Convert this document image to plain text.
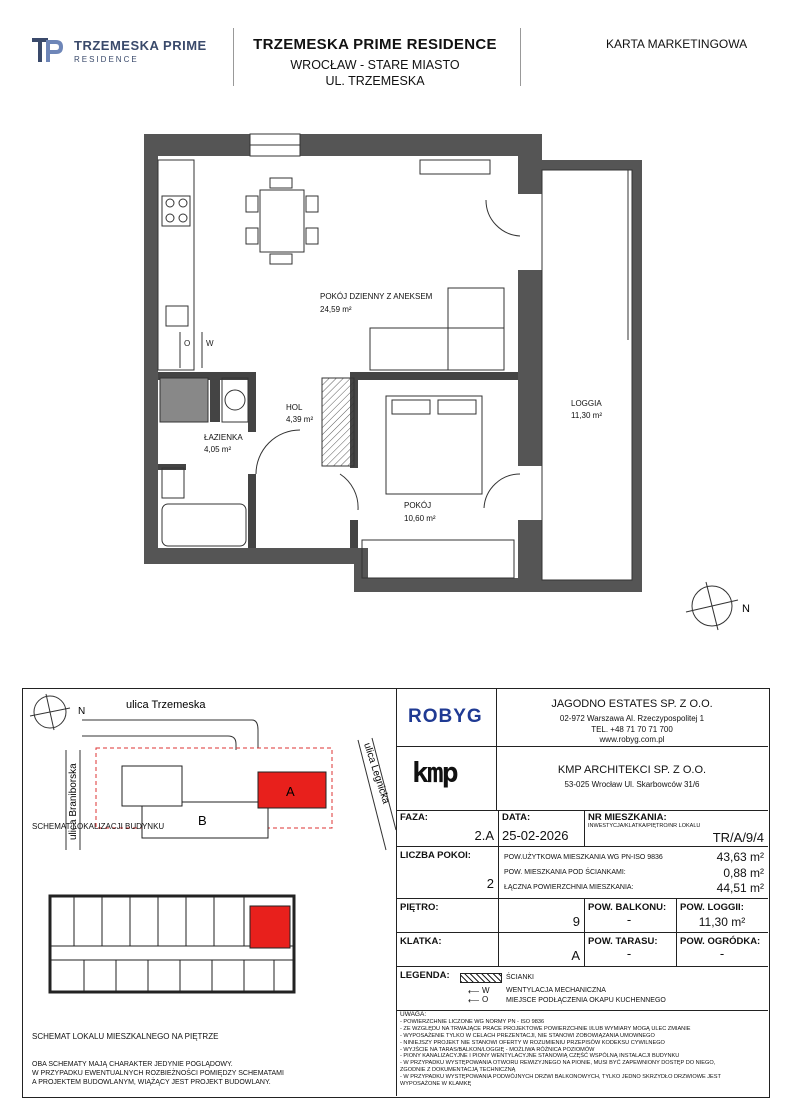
TRZEMESKA PRIME
RESIDENCE
TRZEMESKA PRIME RESIDENCE
WROCŁAW - STARE MIASTO
UL. TRZEMESKA
KARTA MARKETINGOWA
O W
POKÓJ DZIENNY Z ANEKSEM
24,59 m²
HOL
4,39 m²
ŁAZIENKA
4,05 m²
POKÓJ
10,60 m²
LOGGIA
11,30 m²
N
N
ulica Trzemeska
ulica Braniborska	ulica Legnicka
B
A
SCHEMAT LOKALIZACJI BUDYNKU
SCHEMAT LOKALU MIESZKALNEGO NA PIĘTRZE
OBA SCHEMATY MAJĄ CHARAKTER JEDYNIE POGLĄDOWY.
W PRZYPADKU EWENTUALNYCH ROZBIEŻNOŚCI POMIĘDZY SCHEMATAMI
A PROJEKTEM BUDOWLANYM, WIĄŻĄCY JEST PROJEKT BUDOWLANY.
ROBYG
JAGODNO ESTATES SP. Z O.O.
02-972 Warszawa Al. Rzeczypospolitej 1
TEL. +48 71 70 71 700
www.robyg.com.pl
kmp	KMP ARCHITEKCI SP. Z O.O.
53-025 Wrocław Ul. Skarbowców 31/6
FAZA:
2.A
DATA:
25-02-2026
NR MIESZKANIA:
INWESTYCJA/KLATKA/PIĘTRO/NR LOKALU
TR/A/9/4
LICZBA POKOI:
2
POW.UŻYTKOWA MIESZKANIA WG PN-ISO 9836	43,63 m²
POW. MIESZKANIA POD ŚCIANKAMI:	0,88 m²
ŁĄCZNA POWIERZCHNIA MIESZKANIA:	44,51 m²
PIĘTRO:
9
POW. BALKONU:
-
POW. LOGGII:
11,30 m²
KLATKA:
A
POW. TARASU:
-
POW. OGRÓDKA:
-
LEGENDA:	ŚCIANKI
⟵ W WENTYLACJA MECHANICZNA
⟵ O	MIEJSCE PODŁĄCZENIA OKAPU KUCHENNEGO
UWAGA:
- POWIERZCHNIE LICZONE WG NORMY PN - ISO 9836
- ZE WZGLĘDU NA TRWAJĄCE PRACE PROJEKTOWE POWIERZCHNIE I/LUB WYMIARY MOGĄ ULEC ZMIANIE
- WYPOSAŻENIE TYLKO W CELACH PREZENTACJI, NIE STANOWI ZOBOWIĄZANIA UMOWNEGO
- NINIEJSZY PROJEKT NIE STANOWI OFERTY W ROZUMIENIU PRZEPISÓW KODEKSU CYWILNEGO
- WYJŚCIE NA TARAS/BALKON/LOGGIĘ - MOŻLIWA RÓŻNICA POZIOMÓW
- PIONY KANALIZACYJNE I PIONY WENTYLACYJNE STANOWIĄ CZĘŚĆ WSPÓLNĄ INSTALACJI BUDYNKU
- W PRZYPADKU WYSTĘPOWANIA OTWORU REWIZYJNEGO NA PIONIE, MUSI BYĆ ZAPEWNIONY DOSTĘP DO NIEGO,
ZGODNIE Z DOKUMENTACJĄ TECHNICZNĄ
- W PRZYPADKU WYSTĘPOWANIA PODWÓJNYCH DRZWI BALKONOWYCH, TYLKO JEDNO SKRZYDŁO DRZWIOWE JEST
WYPOSAŻONE W KLAMKĘ
